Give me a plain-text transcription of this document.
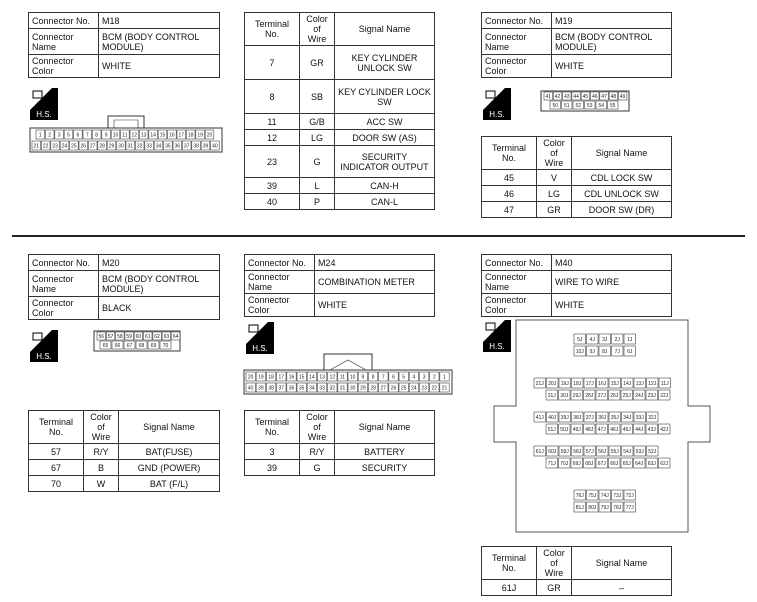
Connector No.	M18
Connector Name	BCM (BODY CONTROL MODULE)
Connector Color	WHITE
H.S.
1 2 3 5 6 7 8 9 10 11 12 13 14 15 16 17 18 19 20
21 22 23 24 25 26 27 28 29 30 31 32 33 34 35 36 37 38 39 40
Terminal No.	Color of Wire	Signal Name
7	GR	KEY CYLINDER UNLOCK SW
8	SB	KEY CYLINDER LOCK SW
11	G/B	ACC SW
12	LG	DOOR SW (AS)
23	G	SECURITY INDICATOR OUTPUT
39	L	CAN-H
40	P	CAN-L
Connector No.	M19
Connector Name	BCM (BODY CONTROL MODULE)
Connector Color	WHITE
H.S.
41 42 43 44 45 46 47 48 49
50 51 52 53 54 55
Terminal No.	Color of Wire	Signal Name
45	V	CDL LOCK SW
46	LG	CDL UNLOCK SW
47	GR	DOOR SW (DR)
Connector No.	M20
Connector Name	BCM (BODY CONTROL MODULE)
Connector Color	BLACK
H.S.
56 57 58 59 60 61 62 63 64
65 66 67 68 69 70
Terminal No.	Color of Wire	Signal Name
57	R/Y	BAT(FUSE)
67	B	GND (POWER)
70	W	BAT (F/L)
Connector No.	M24
Connector Name	COMBINATION METER
Connector Color	WHITE
H.S.
20 19 18 17 16 15 14 13 12 11 10 9 8 7 6 5 4 3 2 1
40 39 38 37 36 35 34 33 32 31 30 29 28 27 26 25 24 23 22 21
Terminal No.	Color of Wire	Signal Name
3	R/Y	BATTERY
39	G	SECURITY
Connector No.	M40
Connector Name	WIRE TO WIRE
Connector Color	WHITE
H.S.
5J 4J 3J 2J 1J
10J 9J 8J 7J 6J
21J 20J 19J 18J 17J 16J 15J 14J 13J 12J 11J
31J 30J 29J 28J 27J 26J 25J 24J 23J 22J
41J 40J 39J 38J 37J 36J 35J 34J 33J 32J
51J 50J 49J 48J 47J 46J 45J 44J 43J 42J
61J 60J 59J 58J 57J 56J 55J 54J 53J 52J
71J 70J 69J 68J 67J 66J 65J 64J 63J 62J
76J 75J 74J 73J 72J
81J 80J 79J 78J 77J
Terminal No.	Color of Wire	Signal Name
61J	GR	–
